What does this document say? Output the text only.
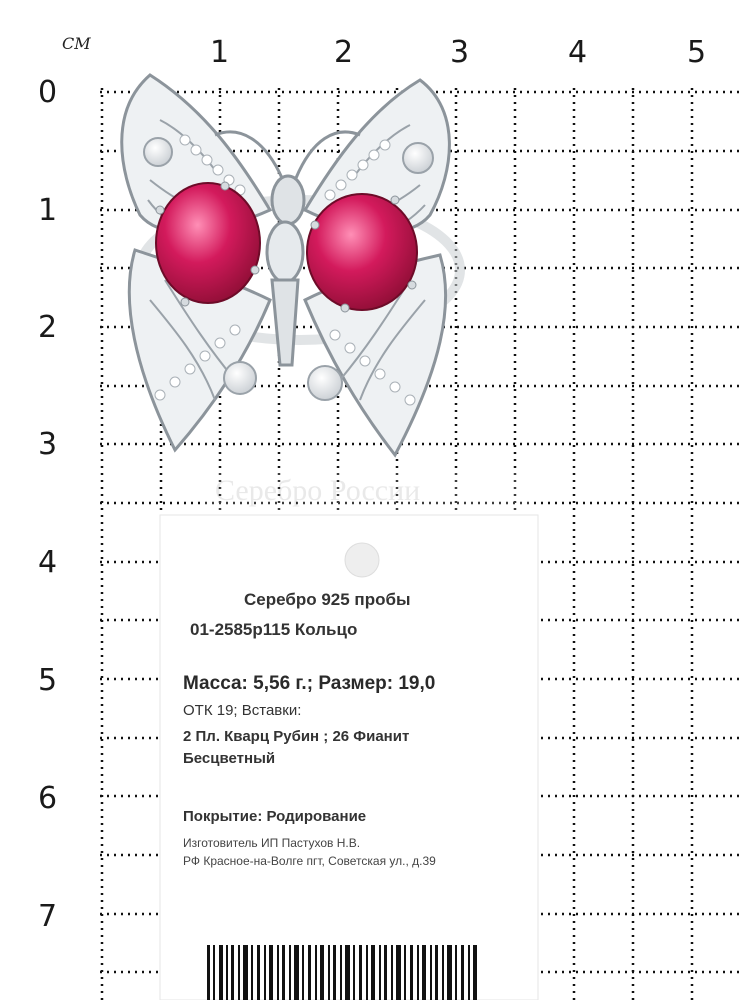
Серебро России
СМ	1	2	3	4	5
0
1
2
3
4
5
6
7
Серебро 925 пробы
01-2585р115 Кольцо
Масса: 5,56 г.; Размер: 19,0
ОТК 19; Вставки:
2 Пл. Кварц Рубин ; 26 Фианит
Бесцветный
Покрытие: Родирование
Изготовитель ИП Пастухов Н.В.
РФ Красное-на-Волге пгт, Советская ул., д.39
